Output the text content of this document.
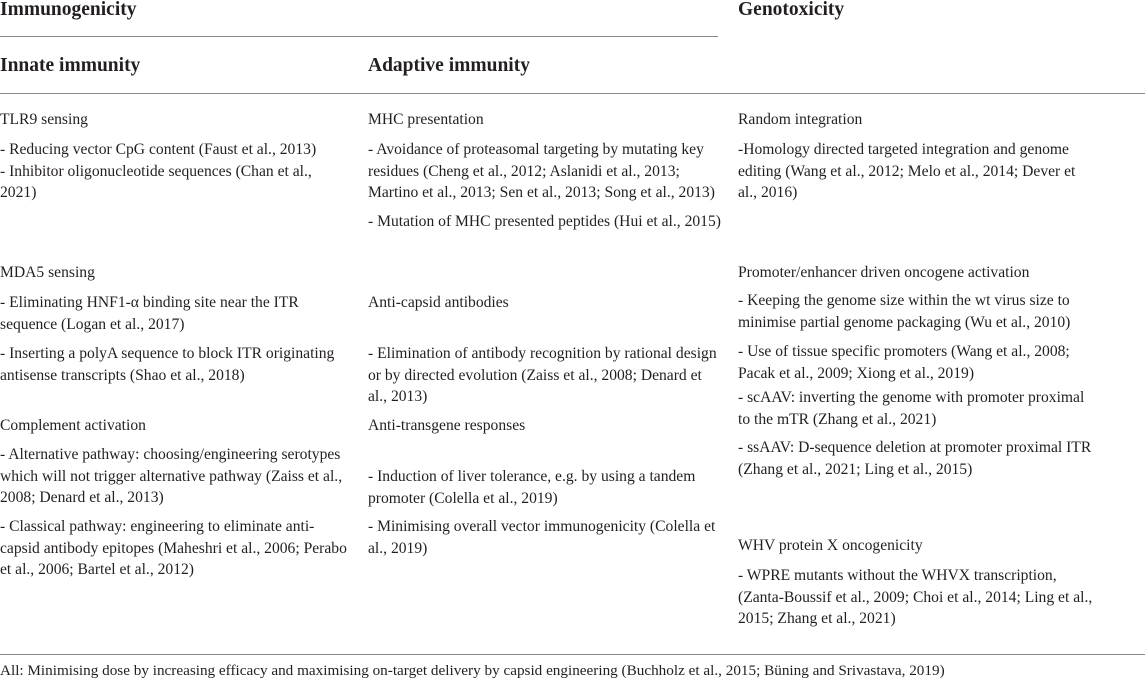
Immunogenicity	Genotoxicity
Innate immunity	Adaptive immunity
TLR9 sensing
- Reducing vector CpG content (Faust et al., 2013)
- Inhibitor oligonucleotide sequences (Chan et al., 2021)
MDA5 sensing
- Eliminating HNF1-α binding site near the ITR sequence (Logan et al., 2017)
- Inserting a polyA sequence to block ITR originating antisense transcripts (Shao et al., 2018)
Complement activation
- Alternative pathway: choosing/engineering serotypes which will not trigger alternative pathway (Zaiss et al., 2008; Denard et al., 2013)
- Classical pathway: engineering to eliminate anti-capsid antibody epitopes (Maheshri et al., 2006; Perabo et al., 2006; Bartel et al., 2012)
MHC presentation
- Avoidance of proteasomal targeting by mutating key residues (Cheng et al., 2012; Aslanidi et al., 2013; Martino et al., 2013; Sen et al., 2013; Song et al., 2013)
- Mutation of MHC presented peptides (Hui et al., 2015)
Anti-capsid antibodies
- Elimination of antibody recognition by rational design or by directed evolution (Zaiss et al., 2008; Denard et al., 2013)
Anti-transgene responses
- Induction of liver tolerance, e.g. by using a tandem promoter (Colella et al., 2019)
- Minimising overall vector immunogenicity (Colella et al., 2019)
Random integration
-Homology directed targeted integration and genome editing (Wang et al., 2012; Melo et al., 2014; Dever et al., 2016)
Promoter/enhancer driven oncogene activation
- Keeping the genome size within the wt virus size to minimise partial genome packaging (Wu et al., 2010)
- Use of tissue specific promoters (Wang et al., 2008; Pacak et al., 2009; Xiong et al., 2019)
- scAAV: inverting the genome with promoter proximal to the mTR (Zhang et al., 2021)
- ssAAV: D-sequence deletion at promoter proximal ITR (Zhang et al., 2021; Ling et al., 2015)
WHV protein X oncogenicity
- WPRE mutants without the WHVX transcription, (Zanta-Boussif et al., 2009; Choi et al., 2014; Ling et al., 2015; Zhang et al., 2021)
All: Minimising dose by increasing efficacy and maximising on-target delivery by capsid engineering (Buchholz et al., 2015; Büning and Srivastava, 2019)
